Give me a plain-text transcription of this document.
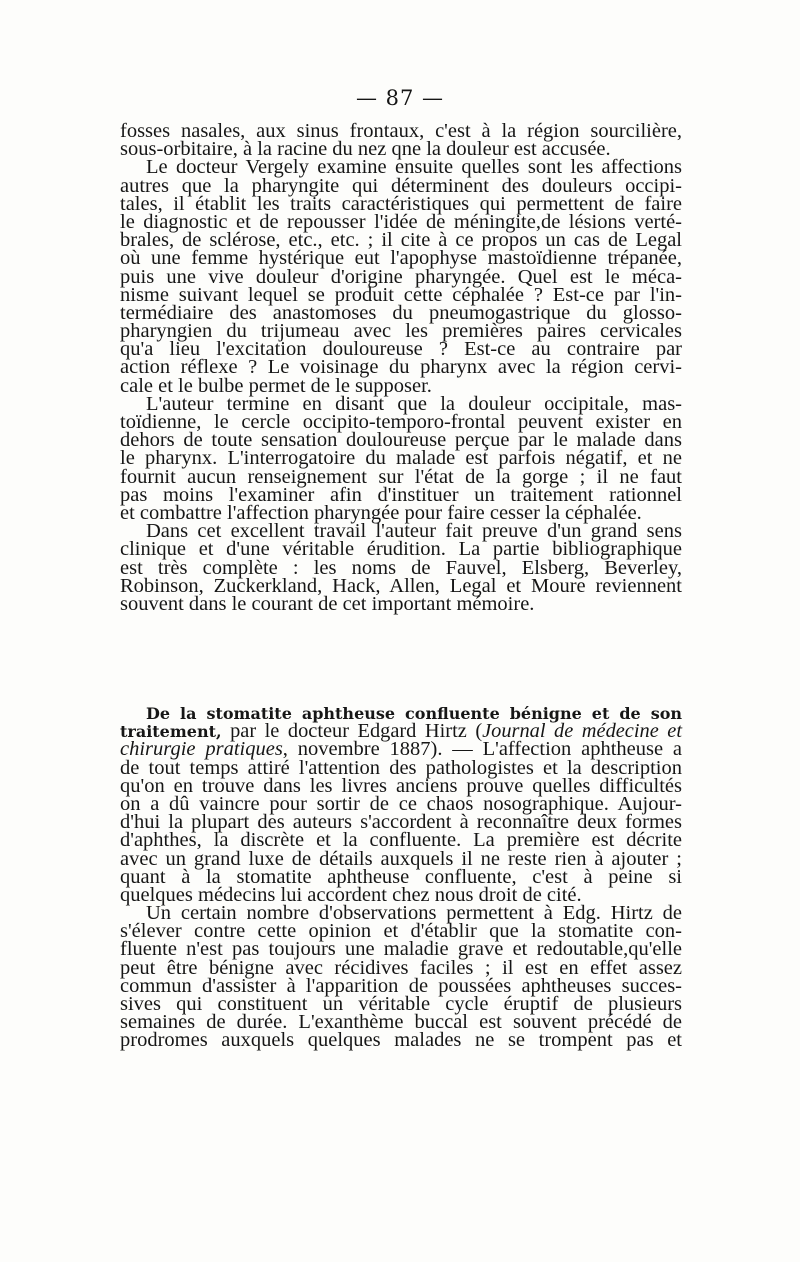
— 87 —
fosses nasales, aux sinus frontaux, c'est à la région sourcilière,
sous-orbitaire, à la racine du nez qne la douleur est accusée.
Le docteur Vergely examine ensuite quelles sont les affections
autres que la pharyngite qui déterminent des douleurs occipi-
tales, il établit les traits caractéristiques qui permettent de faire
le diagnostic et de repousser l'idée de méningite,de lésions verté-
brales, de sclérose, etc., etc. ; il cite à ce propos un cas de Legal
où une femme hystérique eut l'apophyse mastoïdienne trépanée,
puis une vive douleur d'origine pharyngée. Quel est le méca-
nisme suivant lequel se produit cette céphalée ? Est-ce par l'in-
termédiaire des anastomoses du pneumogastrique du glosso-
pharyngien du trijumeau avec les premières paires cervicales
qu'a lieu l'excitation douloureuse ? Est-ce au contraire par
action réflexe ? Le voisinage du pharynx avec la région cervi-
cale et le bulbe permet de le supposer.
L'auteur termine en disant que la douleur occipitale, mas-
toïdienne, le cercle occipito-temporo-frontal peuvent exister en
dehors de toute sensation douloureuse perçue par le malade dans
le pharynx. L'interrogatoire du malade est parfois négatif, et ne
fournit aucun renseignement sur l'état de la gorge ; il ne faut
pas moins l'examiner afin d'instituer un traitement rationnel
et combattre l'affection pharyngée pour faire cesser la céphalée.
Dans cet excellent travail l'auteur fait preuve d'un grand sens
clinique et d'une véritable érudition. La partie bibliographique
est très complète : les noms de Fauvel, Elsberg, Beverley,
Robinson, Zuckerkland, Hack, Allen, Legal et Moure reviennent
souvent dans le courant de cet important mémoire.
De la stomatite aphtheuse confluente bénigne et de son
traitement, par le docteur Edgard Hirtz (Journal de médecine et
chirurgie pratiques, novembre 1887). — L'affection aphtheuse a
de tout temps attiré l'attention des pathologistes et la description
qu'on en trouve dans les livres anciens prouve quelles difficultés
on a dû vaincre pour sortir de ce chaos nosographique. Aujour-
d'hui la plupart des auteurs s'accordent à reconnaître deux formes
d'aphthes, la discrète et la confluente. La première est décrite
avec un grand luxe de détails auxquels il ne reste rien à ajouter ;
quant à la stomatite aphtheuse confluente, c'est à peine si
quelques médecins lui accordent chez nous droit de cité.
Un certain nombre d'observations permettent à Edg. Hirtz de
s'élever contre cette opinion et d'établir que la stomatite con-
fluente n'est pas toujours une maladie grave et redoutable,qu'elle
peut être bénigne avec récidives faciles ; il est en effet assez
commun d'assister à l'apparition de poussées aphtheuses succes-
sives qui constituent un véritable cycle éruptif de plusieurs
semaines de durée. L'exanthème buccal est souvent précédé de
prodromes auxquels quelques malades ne se trompent pas et
